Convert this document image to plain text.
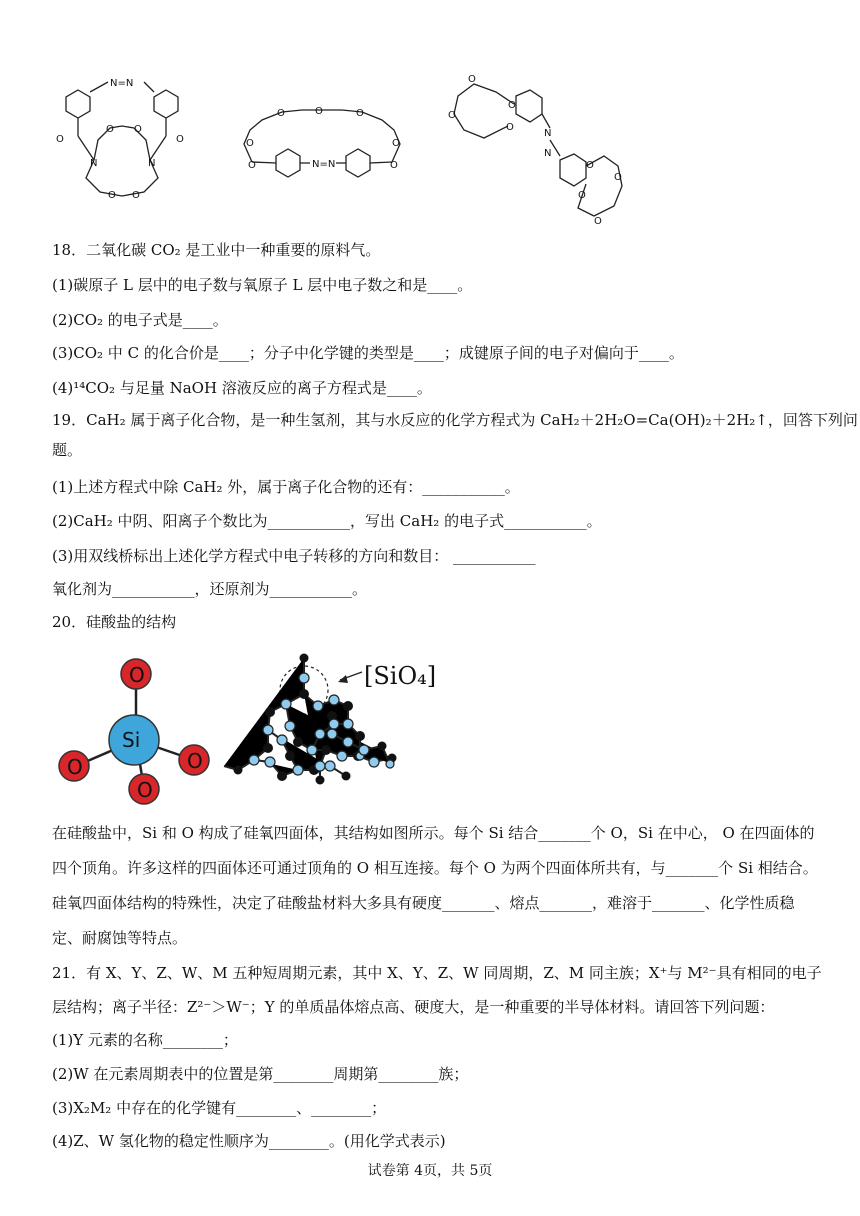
N=N
O	O
N	N
O O
O O
N=N
O	O
O	O
O	O	O
O
O
N
N
O
O
O
O
O
O
18．二氧化碳 CO₂ 是工业中一种重要的原料气。
(1)碳原子 L 层中的电子数与氧原子 L 层中电子数之和是____。
(2)CO₂ 的电子式是____。
(3)CO₂ 中 C 的化合价是____；分子中化学键的类型是____；成键原子间的电子对偏向于____。
(4)¹⁴CO₂ 与足量 NaOH 溶液反应的离子方程式是____。
19．CaH₂ 属于离子化合物，是一种生氢剂，其与水反应的化学方程式为 CaH₂＋2H₂O=Ca(OH)₂＋2H₂↑，回答下列问
题。
(1)上述方程式中除 CaH₂ 外，属于离子化合物的还有：___________。
(2)CaH₂ 中阴、阳离子个数比为___________，写出 CaH₂ 的电子式___________。
(3)用双线桥标出上述化学方程式中电子转移的方向和数目： ___________
氧化剂为___________，还原剂为___________。
20．硅酸盐的结构
O
O	O
O
Si
[SiO₄]
在硅酸盐中，Si 和 O 构成了硅氧四面体，其结构如图所示。每个 Si 结合_______个 O，Si 在中心， O 在四面体的
四个顶角。许多这样的四面体还可通过顶角的 O 相互连接。每个 O 为两个四面体所共有，与_______个 Si 相结合。
硅氧四面体结构的特殊性，决定了硅酸盐材料大多具有硬度_______、熔点_______，难溶于_______、化学性质稳
定、耐腐蚀等特点。
21．有 X、Y、Z、W、M 五种短周期元素，其中 X、Y、Z、W 同周期，Z、M 同主族；X⁺与 M²⁻具有相同的电子
层结构；离子半径：Z²⁻＞W⁻；Y 的单质晶体熔点高、硬度大，是一种重要的半导体材料。请回答下列问题：
(1)Y 元素的名称________；
(2)W 在元素周期表中的位置是第________周期第________族；
(3)X₂M₂ 中存在的化学键有________、________；
(4)Z、W 氢化物的稳定性顺序为________。(用化学式表示)
试卷第 4页，共 5页
